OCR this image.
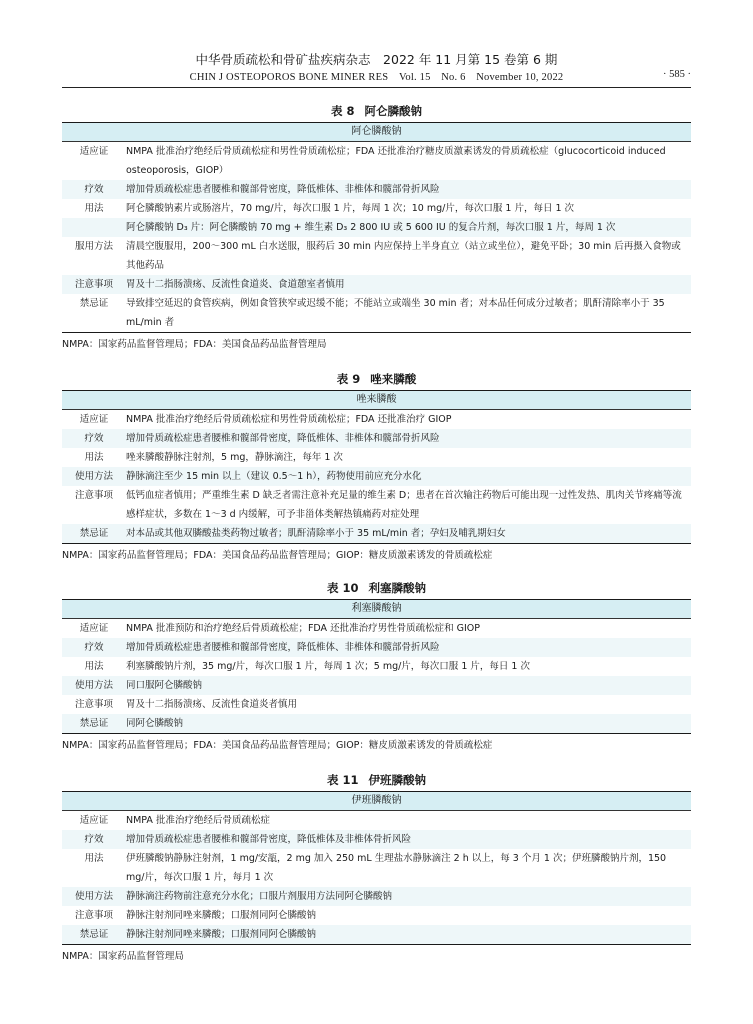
中华骨质疏松和骨矿盐疾病杂志　2022 年 11 月第 15 卷第 6 期
CHIN J OSTEOPOROS BONE MINER RES　Vol. 15　No. 6　November 10, 2022	· 585 ·
表 8 阿仑膦酸钠
阿仑膦酸钠
适应证	NMPA 批准治疗绝经后骨质疏松症和男性骨质疏松症；FDA 还批准治疗糖皮质激素诱发的骨质疏松症（glucocorticoid induced osteoporosis，GIOP）
疗效	增加骨质疏松症患者腰椎和髋部骨密度，降低椎体、非椎体和髋部骨折风险
用法	阿仑膦酸钠素片或肠溶片，70 mg/片，每次口服 1 片，每周 1 次；10 mg/片，每次口服 1 片，每日 1 次
阿仑膦酸钠 D₃ 片：阿仑膦酸钠 70 mg + 维生素 D₃ 2 800 IU 或 5 600 IU 的复合片剂，每次口服 1 片，每周 1 次
服用方法	清晨空腹服用，200～300 mL 白水送服，服药后 30 min 内应保持上半身直立（站立或坐位），避免平卧；30 min 后再摄入食物或其他药品
注意事项	胃及十二指肠溃疡、反流性食道炎、食道憩室者慎用
禁忌证	导致排空延迟的食管疾病，例如食管狭窄或迟缓不能；不能站立或端坐 30 min 者；对本品任何成分过敏者；肌酐清除率小于 35 mL/min 者
NMPA：国家药品监督管理局；FDA：美国食品药品监督管理局
表 9 唑来膦酸
唑来膦酸
适应证	NMPA 批准治疗绝经后骨质疏松症和男性骨质疏松症；FDA 还批准治疗 GIOP
疗效	增加骨质疏松症患者腰椎和髋部骨密度，降低椎体、非椎体和髋部骨折风险
用法	唑来膦酸静脉注射剂，5 mg，静脉滴注，每年 1 次
使用方法	静脉滴注至少 15 min 以上（建议 0.5～1 h），药物使用前应充分水化
注意事项	低钙血症者慎用；严重维生素 D 缺乏者需注意补充足量的维生素 D；患者在首次输注药物后可能出现一过性发热、肌肉关节疼痛等流感样症状，多数在 1～3 d 内缓解，可予非甾体类解热镇痛药对症处理
禁忌证	对本品或其他双膦酸盐类药物过敏者；肌酐清除率小于 35 mL/min 者；孕妇及哺乳期妇女
NMPA：国家药品监督管理局；FDA：美国食品药品监督管理局；GIOP：糖皮质激素诱发的骨质疏松症
表 10 利塞膦酸钠
利塞膦酸钠
适应证	NMPA 批准预防和治疗绝经后骨质疏松症；FDA 还批准治疗男性骨质疏松症和 GIOP
疗效	增加骨质疏松症患者腰椎和髋部骨密度，降低椎体、非椎体和髋部骨折风险
用法	利塞膦酸钠片剂，35 mg/片，每次口服 1 片，每周 1 次；5 mg/片，每次口服 1 片，每日 1 次
使用方法	同口服阿仑膦酸钠
注意事项	胃及十二指肠溃疡、反流性食道炎者慎用
禁忌证	同阿仑膦酸钠
NMPA：国家药品监督管理局；FDA：美国食品药品监督管理局；GIOP：糖皮质激素诱发的骨质疏松症
表 11 伊班膦酸钠
伊班膦酸钠
适应证	NMPA 批准治疗绝经后骨质疏松症
疗效	增加骨质疏松症患者腰椎和髋部骨密度，降低椎体及非椎体骨折风险
用法	伊班膦酸钠静脉注射剂，1 mg/安瓿，2 mg 加入 250 mL 生理盐水静脉滴注 2 h 以上，每 3 个月 1 次；伊班膦酸钠片剂，150 mg/片，每次口服 1 片，每月 1 次
使用方法	静脉滴注药物前注意充分水化；口服片剂服用方法同阿仑膦酸钠
注意事项	静脉注射剂同唑来膦酸；口服剂同阿仑膦酸钠
禁忌证	静脉注射剂同唑来膦酸；口服剂同阿仑膦酸钠
NMPA：国家药品监督管理局
